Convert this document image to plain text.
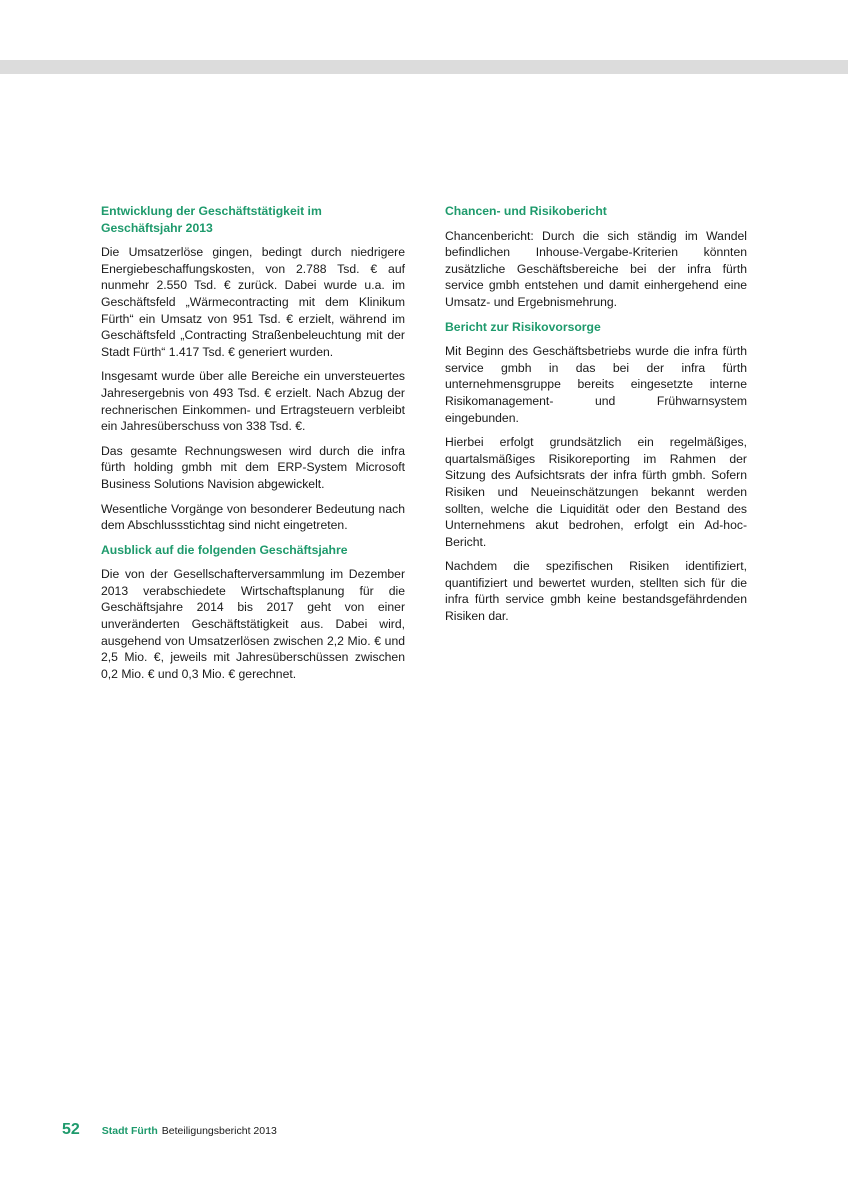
Entwicklung der Geschäftstätigkeit im Geschäftsjahr 2013

Die Umsatzerlöse gingen, bedingt durch niedrigere Energiebeschaffungskosten, von 2.788 Tsd. € auf nunmehr 2.550 Tsd. € zurück. Dabei wurde u.a. im Geschäftsfeld „Wärmecontracting mit dem Klinikum Fürth“ ein Umsatz von 951 Tsd. € erzielt, während im Geschäftsfeld „Contracting Straßenbeleuchtung mit der Stadt Fürth“ 1.417 Tsd. € generiert wurden.

Insgesamt wurde über alle Bereiche ein unversteuertes Jahresergebnis von 493 Tsd. € erzielt. Nach Abzug der rechnerischen Einkommen- und Ertragsteuern verbleibt ein Jahresüberschuss von 338 Tsd. €.

Das gesamte Rechnungswesen wird durch die infra fürth holding gmbh mit dem ERP-System Microsoft Business Solutions Navision abgewickelt.

Wesentliche Vorgänge von besonderer Bedeutung nach dem Abschlussstichtag sind nicht eingetreten.

Ausblick auf die folgenden Geschäftsjahre

Die von der Gesellschafterversammlung im Dezember 2013 verabschiedete Wirtschaftsplanung für die Geschäftsjahre 2014 bis 2017 geht von einer unveränderten Geschäftstätigkeit aus. Dabei wird, ausgehend von Umsatzerlösen zwischen 2,2 Mio. € und 2,5 Mio. €, jeweils mit Jahresüberschüssen zwischen 0,2 Mio. € und 0,3 Mio. € gerechnet.

Chancen- und Risikobericht

Chancenbericht: Durch die sich ständig im Wandel befindlichen Inhouse-Vergabe-Kriterien könnten zusätzliche Geschäftsbereiche bei der infra fürth service gmbh entstehen und damit einhergehend eine Umsatz- und Ergebnismehrung.

Bericht zur Risikovorsorge

Mit Beginn des Geschäftsbetriebs wurde die infra fürth service gmbh in das bei der infra fürth unternehmensgruppe bereits eingesetzte interne Risikomanagement- und Frühwarnsystem eingebunden.

Hierbei erfolgt grundsätzlich ein regelmäßiges, quartalsmäßiges Risikoreporting im Rahmen der Sitzung des Aufsichtsrats der infra fürth gmbh. Sofern Risiken und Neueinschätzungen bekannt werden sollten, welche die Liquidität oder den Bestand des Unternehmens akut bedrohen, erfolgt ein Ad-hoc-Bericht.

Nachdem die spezifischen Risiken identifiziert, quantifiziert und bewertet wurden, stellten sich für die infra fürth service gmbh keine bestandsgefährdenden Risiken dar.

52 Stadt Fürth Beteiligungsbericht 2013
